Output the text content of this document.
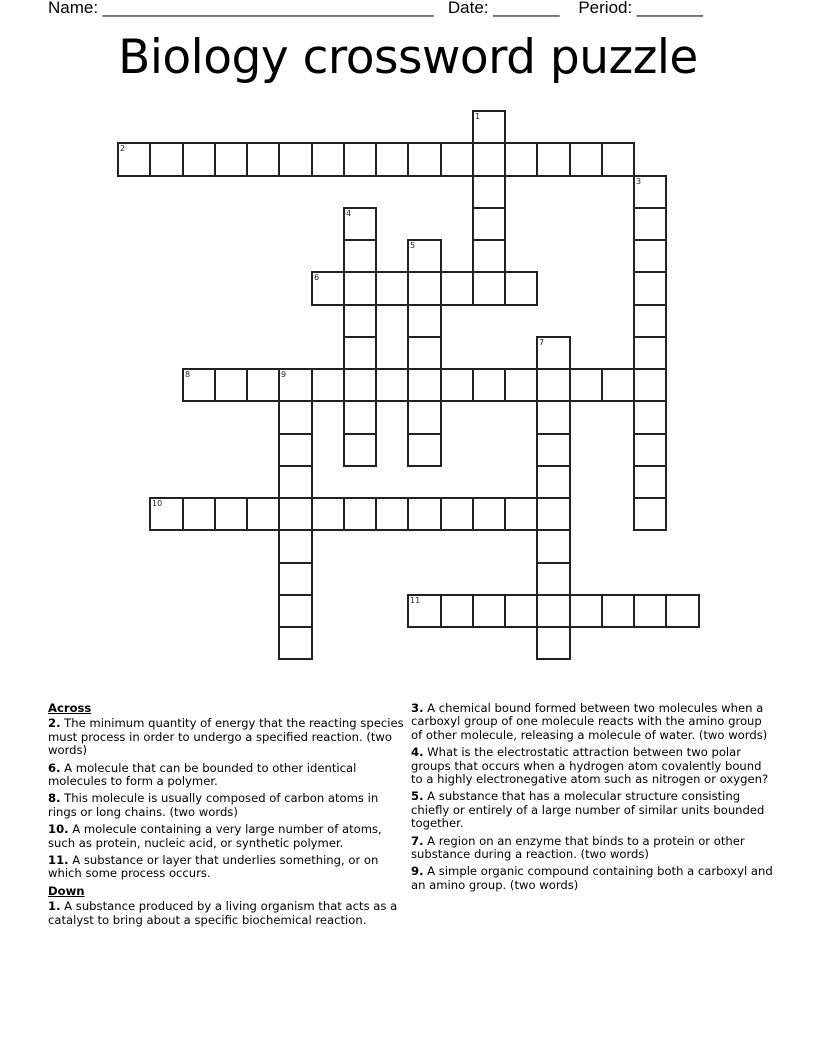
Name: ___________________________________ Date: _______ Period: _______
Biology crossword puzzle
1
2
3
4
5
6
7
8	9
10
11
Across
2. The minimum quantity of energy that the reacting species must process in order to undergo a specified reaction. (two words)
6. A molecule that can be bounded to other identical molecules to form a polymer.
8. This molecule is usually composed of carbon atoms in rings or long chains. (two words)
10. A molecule containing a very large number of atoms, such as protein, nucleic acid, or synthetic polymer.
11. A substance or layer that underlies something, or on which some process occurs.
Down
1. A substance produced by a living organism that acts as a catalyst to bring about a specific biochemical reaction.
3. A chemical bound formed between two molecules when a carboxyl group of one molecule reacts with the amino group of other molecule, releasing a molecule of water. (two words)
4. What is the electrostatic attraction between two polar groups that occurs when a hydrogen atom covalently bound to a highly electronegative atom such as nitrogen or oxygen?
5. A substance that has a molecular structure consisting chiefly or entirely of a large number of similar units bounded together.
7. A region on an enzyme that binds to a protein or other substance during a reaction. (two words)
9. A simple organic compound containing both a carboxyl and an amino group. (two words)
